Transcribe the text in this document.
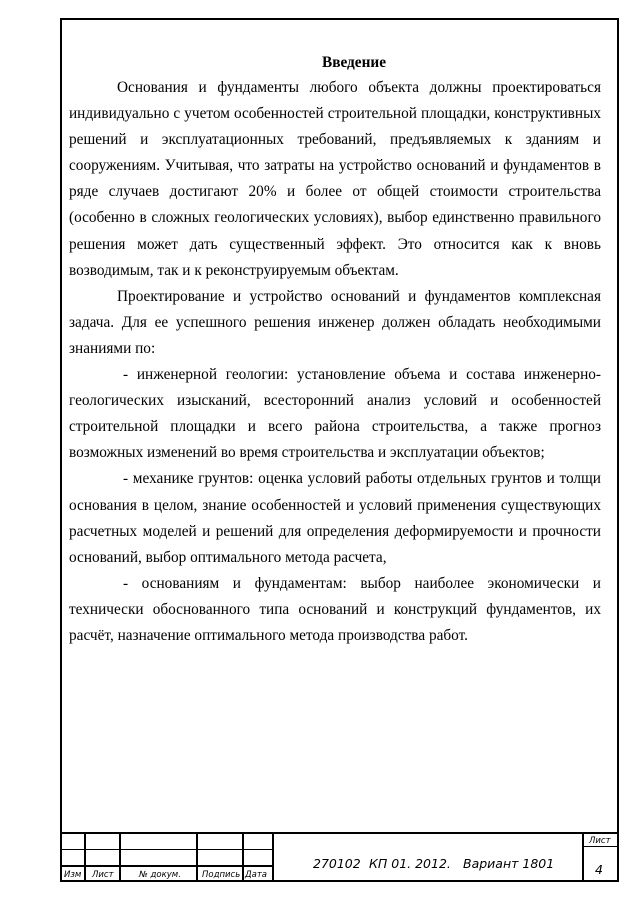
Введение

Основания и фундаменты любого объекта должны проектироваться индивидуально с учетом особенностей строительной площадки, конструктивных решений и эксплуатационных требований, предъявляемых к зданиям и сооружениям. Учитывая, что затраты на устройство оснований и фундаментов в ряде случаев достигают 20% и более от общей стоимости строительства (особенно в сложных геологических условиях), выбор единственно правильного решения может дать существенный эффект. Это относится как к вновь возводимым, так и к реконструируемым объектам.

Проектирование и устройство оснований и фундаментов комплексная задача. Для ее успешного решения инженер должен обладать необходимыми знаниями по:

- инженерной геологии: установление объема и состава инженерно-геологических изысканий, всесторонний анализ условий и особенностей строительной площадки и всего района строительства, а также прогноз возможных изменений во время строительства и эксплуатации объектов;

- механике грунтов: оценка условий работы отдельных грунтов и толщи основания в целом, знание особенностей и условий применения существующих расчетных моделей и решений для определения деформируемости и прочности оснований, выбор оптимального метода расчета,

- основаниям и фундаментам: выбор наиболее экономически и технически обоснованного типа оснований и конструкций фундаментов, их расчёт, назначение оптимального метода производства работ.

Изм Лист	№ докум. Подпись Дата
Лист
270102 КП 01. 2012. Вариант 1801	4
